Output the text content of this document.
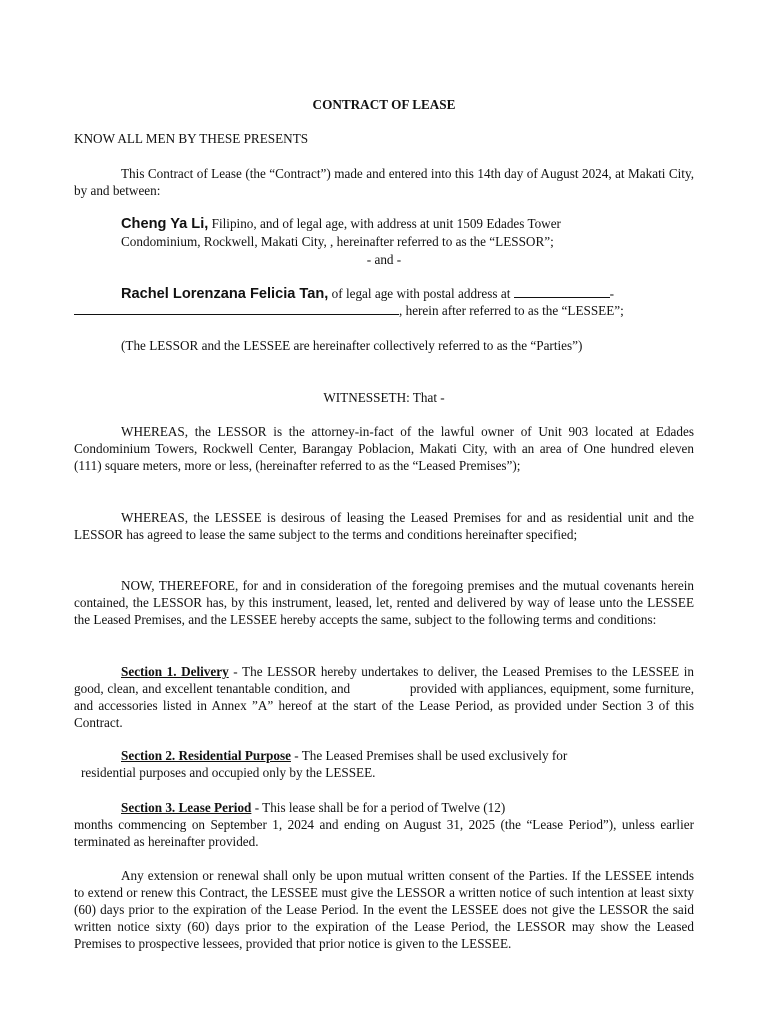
CONTRACT OF LEASE
KNOW ALL MEN BY THESE PRESENTS
This Contract of Lease (the “Contract”) made and entered into this 14th day of August 2024, at Makati City, by and between:
Cheng Ya Li, Filipino, and of legal age, with address at unit 1509 Edades Tower
Condominium, Rockwell, Makati City, , hereinafter referred to as the “LESSOR”;
- and -
Rachel Lorenzana Felicia Tan, of legal age with postal address at	-
, herein after referred to as the “LESSEE”;
(The LESSOR and the LESSEE are hereinafter collectively referred to as the “Parties”)
WITNESSETH: That -
WHEREAS, the LESSOR is the attorney-in-fact of the lawful owner of Unit 903 located at Edades Condominium Towers, Rockwell Center, Barangay Poblacion, Makati City, with an area of One hundred eleven (111) square meters, more or less, (hereinafter referred to as the “Leased Premises”);
WHEREAS, the LESSEE is desirous of leasing the Leased Premises for and as residential unit and the LESSOR has agreed to lease the same subject to the terms and conditions hereinafter specified;
NOW, THEREFORE, for and in consideration of the foregoing premises and the mutual covenants herein contained, the LESSOR has, by this instrument, leased, let, rented and delivered by way of lease unto the LESSEE the Leased Premises, and the LESSEE hereby accepts the same, subject to the following terms and conditions:
Section 1. Delivery - The LESSOR hereby undertakes to deliver, the Leased Premises to the LESSEE in good, clean, and excellent tenantable condition, and                provided with appliances, equipment, some furniture, and accessories listed in Annex ”A” hereof at the start of the Lease Period, as provided under Section 3 of this Contract.
Section 2. Residential Purpose - The Leased Premises shall be used exclusively for
residential purposes and occupied only by the LESSEE.
Section 3. Lease Period - This lease shall be for a period of Twelve (12)
months commencing on September 1, 2024 and ending on August 31, 2025 (the “Lease Period”), unless earlier terminated as hereinafter provided.
Any extension or renewal shall only be upon mutual written consent of the Parties. If the LESSEE intends to extend or renew this Contract, the LESSEE must give the LESSOR a written notice of such intention at least sixty (60) days prior to the expiration of the Lease Period. In the event the LESSEE does not give the LESSOR the said written notice sixty (60) days prior to the expiration of the Lease Period, the LESSOR may show the Leased Premises to prospective lessees, provided that prior notice is given to the LESSEE.
